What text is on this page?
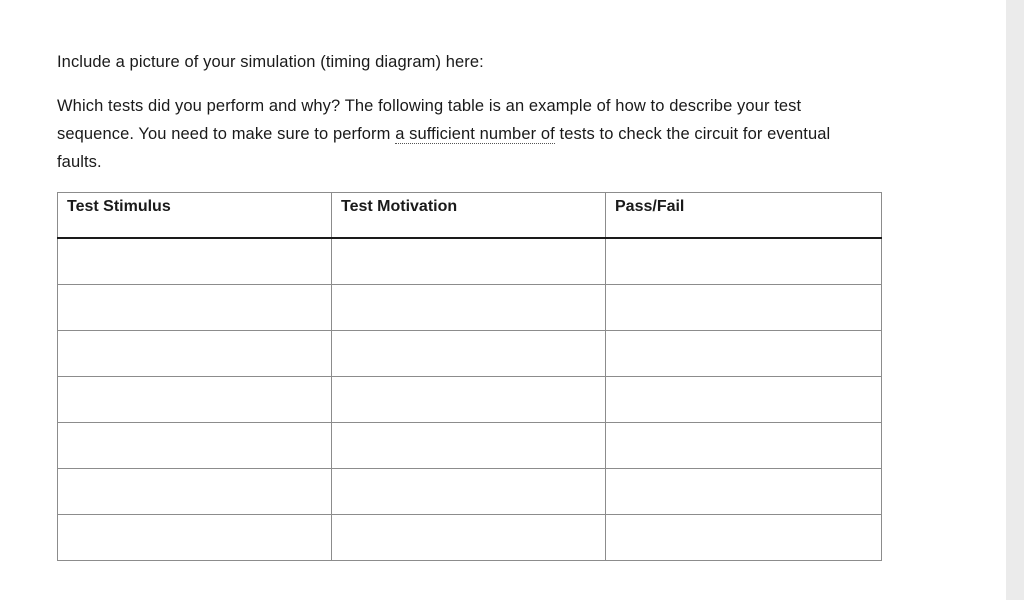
Include a picture of your simulation (timing diagram) here:

Which tests did you perform and why? The following table is an example of how to describe your test sequence. You need to make sure to perform a sufficient number of tests to check the circuit for eventual faults.

Test Stimulus	Test Motivation	Pass/Fail
